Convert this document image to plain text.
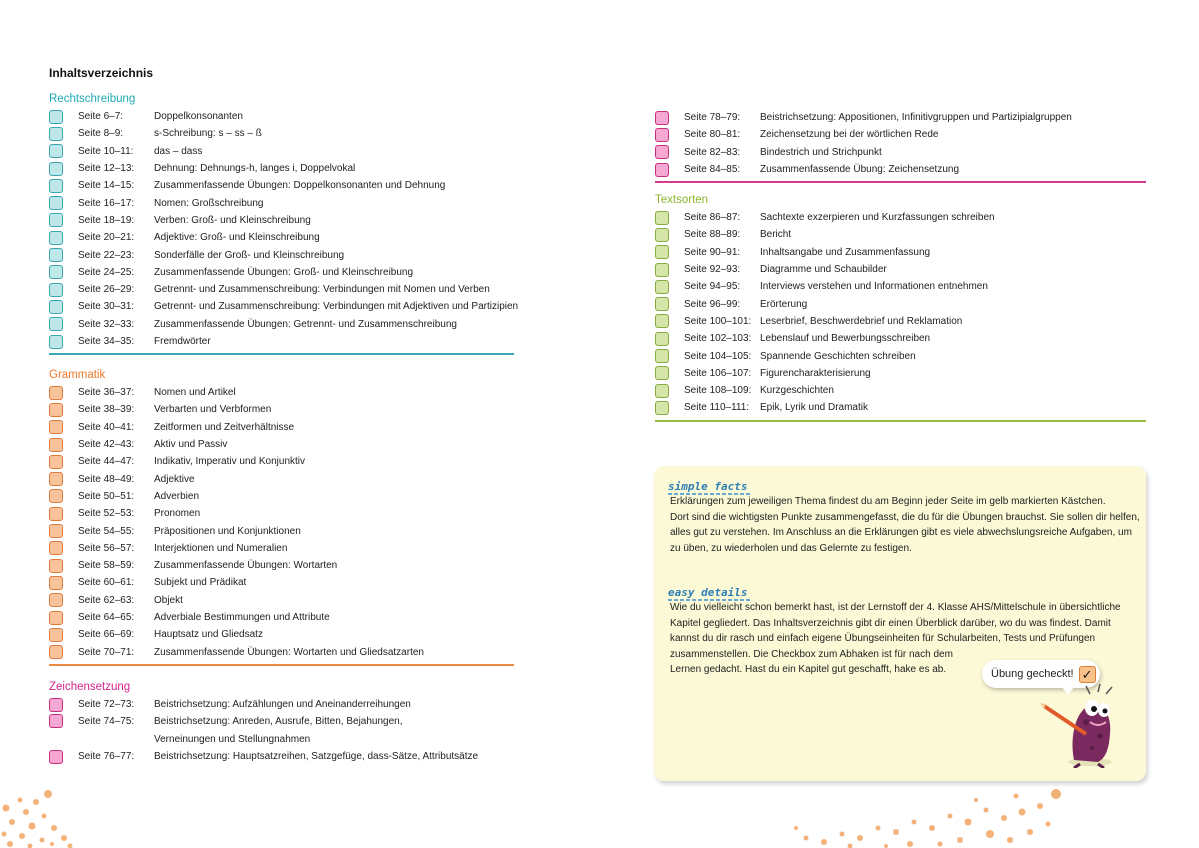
Inhaltsverzeichnis
Rechtschreibung
Seite 6–7:	Doppelkonsonanten
Seite 8–9:	s-Schreibung: s – ss – ß
Seite 10–11:	das – dass
Seite 12–13:	Dehnung: Dehnungs-h, langes i, Doppelvokal
Seite 14–15:	Zusammenfassende Übungen: Doppelkonsonanten und Dehnung
Seite 16–17:	Nomen: Großschreibung
Seite 18–19:	Verben: Groß- und Kleinschreibung
Seite 20–21:	Adjektive: Groß- und Kleinschreibung
Seite 22–23:	Sonderfälle der Groß- und Kleinschreibung
Seite 24–25:	Zusammenfassende Übungen: Groß- und Kleinschreibung
Seite 26–29:	Getrennt- und Zusammenschreibung: Verbindungen mit Nomen und Verben
Seite 30–31:	Getrennt- und Zusammenschreibung: Verbindungen mit Adjektiven und Partizipien
Seite 32–33:	Zusammenfassende Übungen: Getrennt- und Zusammenschreibung
Seite 34–35:	Fremdwörter
Grammatik
Seite 36–37:	Nomen und Artikel
Seite 38–39:	Verbarten und Verbformen
Seite 40–41:	Zeitformen und Zeitverhältnisse
Seite 42–43:	Aktiv und Passiv
Seite 44–47:	Indikativ, Imperativ und Konjunktiv
Seite 48–49:	Adjektive
Seite 50–51:	Adverbien
Seite 52–53:	Pronomen
Seite 54–55:	Präpositionen und Konjunktionen
Seite 56–57:	Interjektionen und Numeralien
Seite 58–59:	Zusammenfassende Übungen: Wortarten
Seite 60–61:	Subjekt und Prädikat
Seite 62–63:	Objekt
Seite 64–65:	Adverbiale Bestimmungen und Attribute
Seite 66–69:	Hauptsatz und Gliedsatz
Seite 70–71:	Zusammenfassende Übungen: Wortarten und Gliedsatzarten
Zeichensetzung
Seite 72–73:	Beistrichsetzung: Aufzählungen und Aneinanderreihungen
Seite 74–75:	Beistrichsetzung: Anreden, Ausrufe, Bitten, Bejahungen,
Verneinungen und Stellungnahmen
Seite 76–77:	Beistrichsetzung: Hauptsatzreihen, Satzgefüge, dass-Sätze, Attributsätze
Seite 78–79:	Beistrichsetzung: Appositionen, Infinitivgruppen und Partizipialgruppen
Seite 80–81:	Zeichensetzung bei der wörtlichen Rede
Seite 82–83:	Bindestrich und Strichpunkt
Seite 84–85:	Zusammenfassende Übung: Zeichensetzung
Textsorten
Seite 86–87:	Sachtexte exzerpieren und Kurzfassungen schreiben
Seite 88–89:	Bericht
Seite 90–91:	Inhaltsangabe und Zusammenfassung
Seite 92–93:	Diagramme und Schaubilder
Seite 94–95:	Interviews verstehen und Informationen entnehmen
Seite 96–99:	Erörterung
Seite 100–101: Leserbrief, Beschwerdebrief und Reklamation
Seite 102–103: Lebenslauf und Bewerbungsschreiben
Seite 104–105: Spannende Geschichten schreiben
Seite 106–107: Figurencharakterisierung
Seite 108–109: Kurzgeschichten
Seite 110–111:	Epik, Lyrik und Dramatik
simple facts
Erklärungen zum jeweiligen Thema findest du am Beginn jeder Seite im gelb markierten Kästchen.
Dort sind die wichtigsten Punkte zusammengefasst, die du für die Übungen brauchst. Sie sollen dir helfen,
alles gut zu verstehen. Im Anschluss an die Erklärungen gibt es viele abwechslungsreiche Aufgaben, um
zu üben, zu wiederholen und das Gelernte zu festigen.
easy details
Wie du vielleicht schon bemerkt hast, ist der Lernstoff der 4. Klasse AHS/Mittelschule in übersichtliche
Kapitel gegliedert. Das Inhaltsverzeichnis gibt dir einen Überblick darüber, wo du was findest. Damit
kannst du dir rasch und einfach eigene Übungseinheiten für Schularbeiten, Tests und Prüfungen
zusammenstellen. Die Checkbox zum Abhaken ist für nach dem
Lernen gedacht. Hast du ein Kapitel gut geschafft, hake es ab.	Übung gecheckt! ✓
